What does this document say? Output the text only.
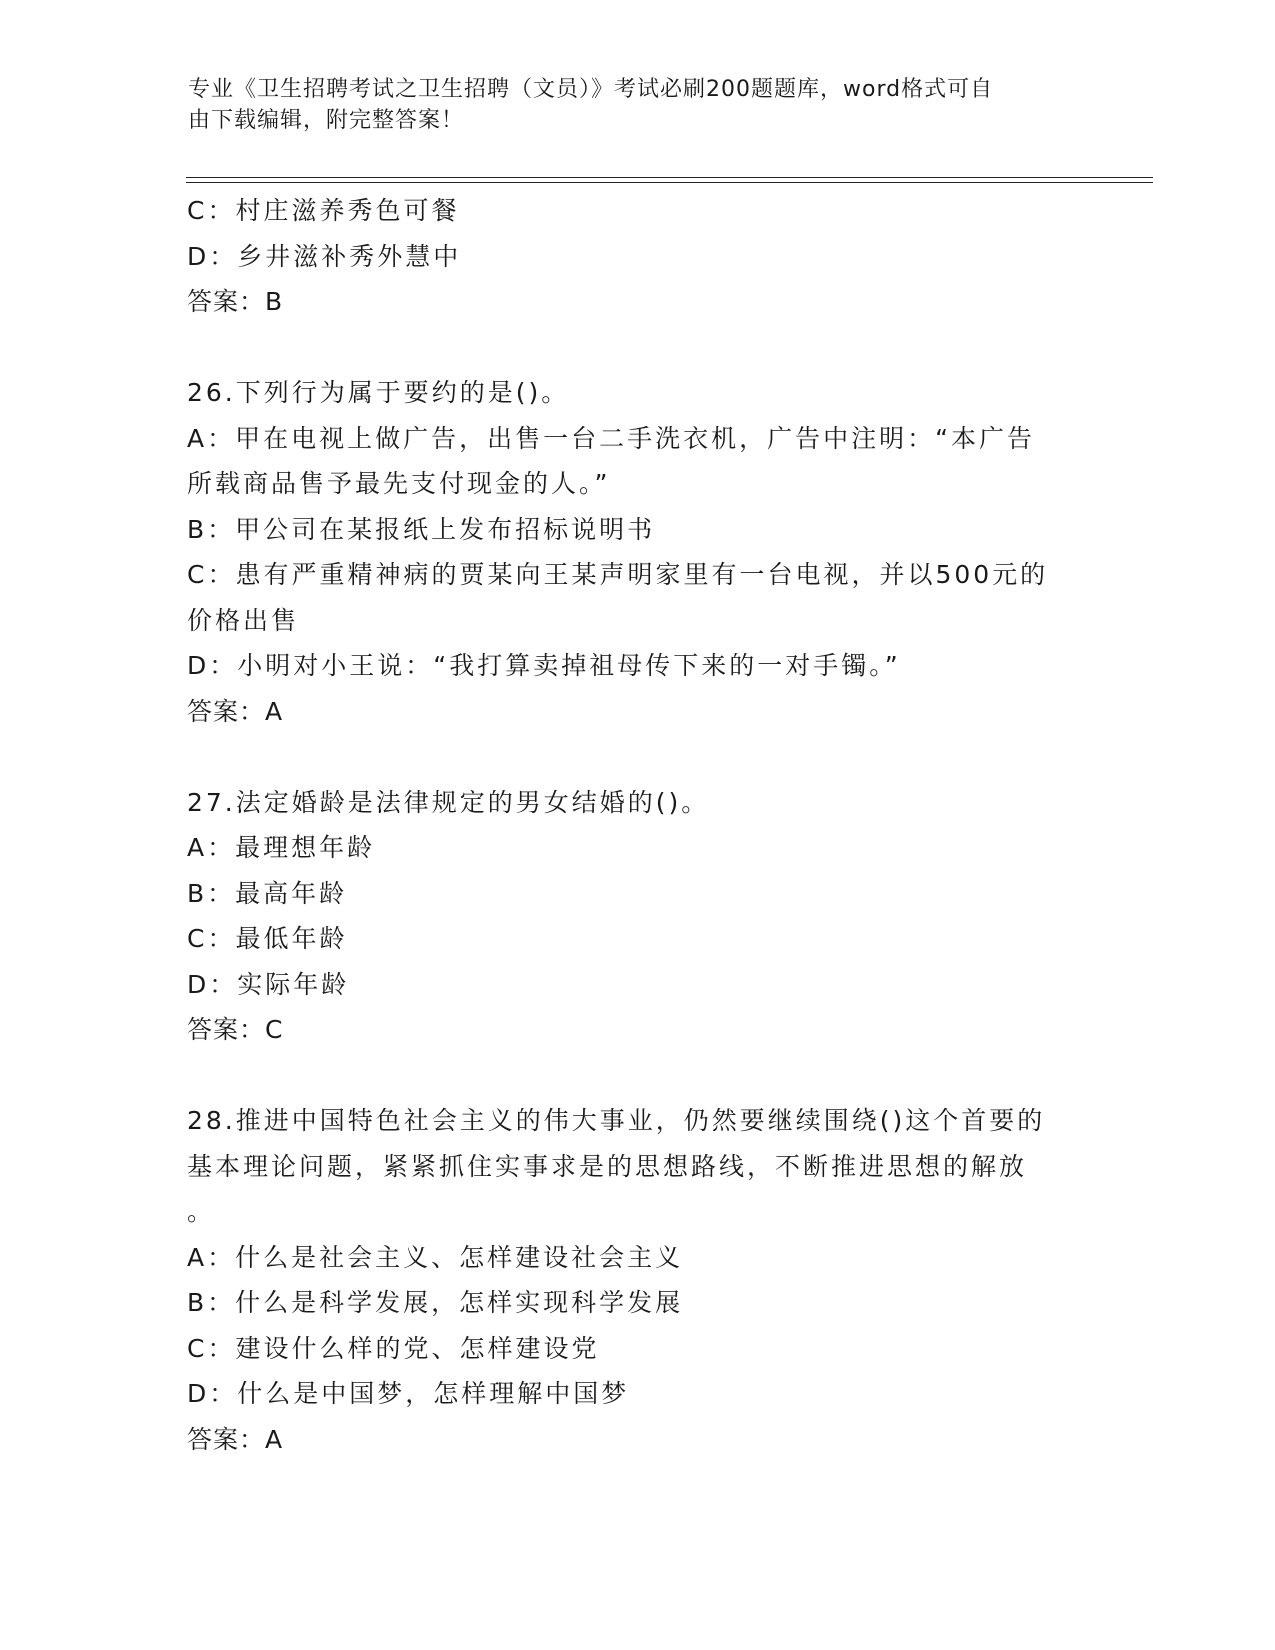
专业《卫生招聘考试之卫生招聘（文员）》考试必刷200题题库，word格式可自
由下载编辑，附完整答案！

C：村庄滋养秀色可餐

D：乡井滋补秀外慧中

答案：B

26.下列行为属于要约的是()。

A：甲在电视上做广告，出售一台二手洗衣机，广告中注明：“本广告

所载商品售予最先支付现金的人。”

B：甲公司在某报纸上发布招标说明书

C：患有严重精神病的贾某向王某声明家里有一台电视，并以500元的

价格出售

D：小明对小王说：“我打算卖掉祖母传下来的一对手镯。”

答案：A

27.法定婚龄是法律规定的男女结婚的()。

A：最理想年龄

B：最高年龄

C：最低年龄

D：实际年龄

答案：C

28.推进中国特色社会主义的伟大事业，仍然要继续围绕()这个首要的

基本理论问题，紧紧抓住实事求是的思想路线，不断推进思想的解放

。

A：什么是社会主义、怎样建设社会主义

B：什么是科学发展，怎样实现科学发展

C：建设什么样的党、怎样建设党

D：什么是中国梦，怎样理解中国梦

答案：A
